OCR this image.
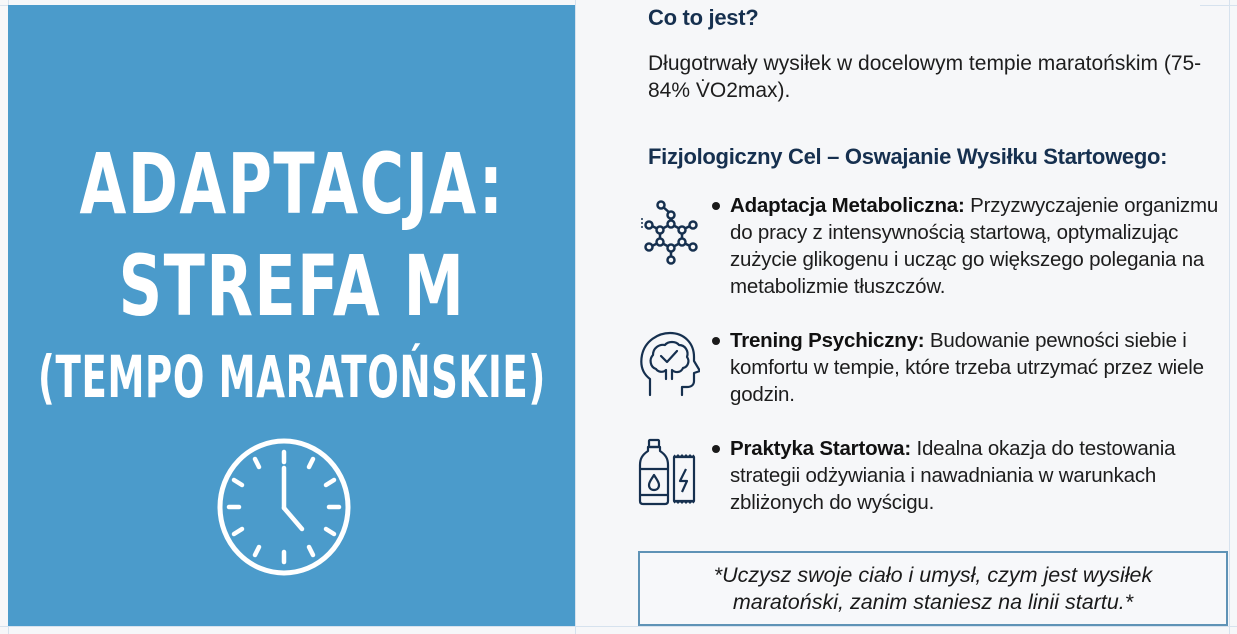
ADAPTACJA:
STREFA M
(TEMPO MARATOŃSKIE)
Co to jest?
Długotrwały wysiłek w docelowym tempie maratońskim (75-84% V̇O2max).
Fizjologiczny Cel – Oswajanie Wysiłku Startowego:
Adaptacja Metaboliczna: Przyzwyczajenie organizmu do pracy z intensywnością startową, optymalizując zużycie glikogenu i ucząc go większego polegania na metabolizmie tłuszczów.
Trening Psychiczny: Budowanie pewności siebie i komfortu w tempie, które trzeba utrzymać przez wiele godzin.
Praktyka Startowa: Idealna okazja do testowania strategii odżywiania i nawadniania w warunkach zbliżonych do wyścigu.
*Uczysz swoje ciało i umysł, czym jest wysiłek maratoński, zanim staniesz na linii startu.*
